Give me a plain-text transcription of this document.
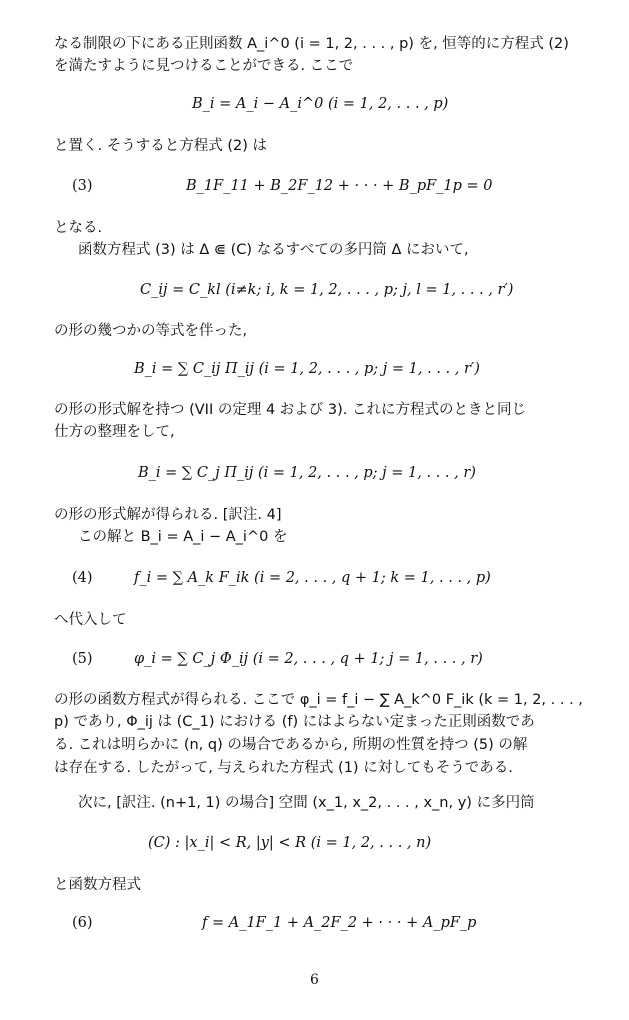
なる制限の下にある正則函数 A_i^0 (i = 1, 2, . . . , p) を, 恒等的に方程式 (2)
を満たすように見つけることができる. ここで
B_i = A_i − A_i^0 (i = 1, 2, . . . , p)
と置く. そうすると方程式 (2) は
(3)	B_1F_11 + B_2F_12 + · · · + B_pF_1p = 0
となる.
函数方程式 (3) は Δ ⋐ (C) なるすべての多円筒 Δ において,
C_ij = C_kl (i≠k; i, k = 1, 2, . . . , p; j, l = 1, . . . , r′)
の形の幾つかの等式を伴った,
B_i = ∑ C_ij Π_ij (i = 1, 2, . . . , p; j = 1, . . . , r′)
の形の形式解を持つ (VII の定理 4 および 3). これに方程式のときと同じ
仕方の整理をして,
B_i = ∑ C_j Π_ij (i = 1, 2, . . . , p; j = 1, . . . , r)
の形の形式解が得られる. [訳注. 4]
この解と B_i = A_i − A_i^0 を
(4)	f_i = ∑ A_k F_ik (i = 2, . . . , q + 1; k = 1, . . . , p)
へ代入して
(5)	φ_i = ∑ C_j Φ_ij (i = 2, . . . , q + 1; j = 1, . . . , r)
の形の函数方程式が得られる. ここで φ_i = f_i − ∑ A_k^0 F_ik (k = 1, 2, . . . ,
p) であり, Φ_ij は (C_1) における (f) にはよらない定まった正則函数であ
る. これは明らかに (n, q) の場合であるから, 所期の性質を持つ (5) の解
は存在する. したがって, 与えられた方程式 (1) に対してもそうである.
次に, [訳注. (n+1, 1) の場合] 空間 (x_1, x_2, . . . , x_n, y) に多円筒
(C) : |x_i| < R, |y| < R (i = 1, 2, . . . , n)
と函数方程式
(6)	f = A_1F_1 + A_2F_2 + · · · + A_pF_p
6
